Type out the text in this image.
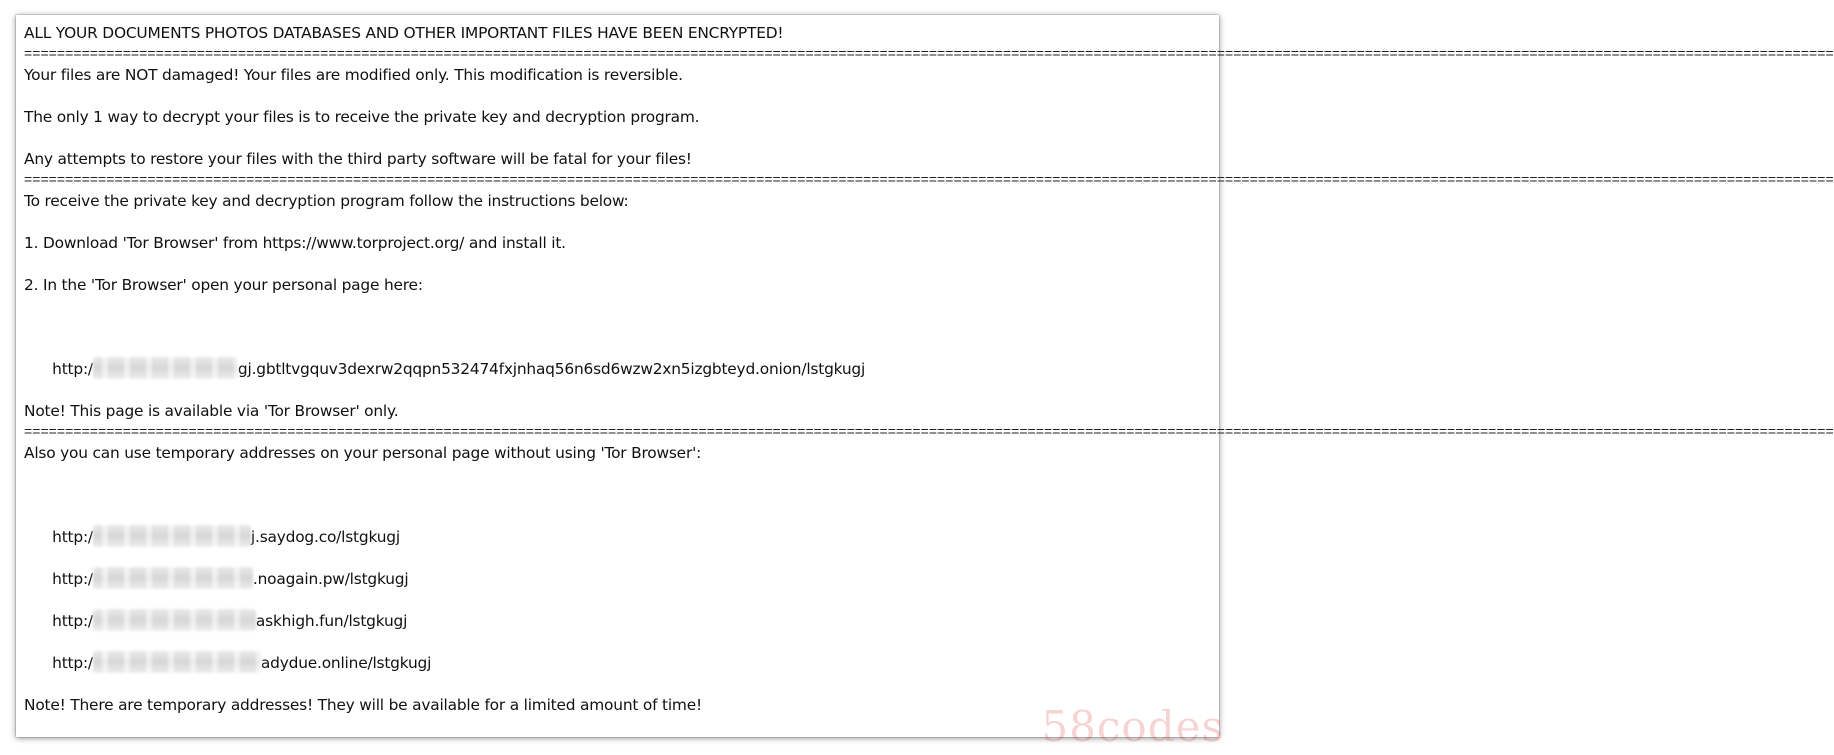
ALL YOUR DOCUMENTS PHOTOS DATABASES AND OTHER IMPORTANT FILES HAVE BEEN ENCRYPTED!
============================================================================================================================================================================================================================
Your files are NOT damaged! Your files are modified only. This modification is reversible.
The only 1 way to decrypt your files is to receive the private key and decryption program.
Any attempts to restore your files with the third party software will be fatal for your files!
============================================================================================================================================================================================================================
To receive the private key and decryption program follow the instructions below:
1. Download 'Tor Browser' from https://www.torproject.org/ and install it.
2. In the 'Tor Browser' open your personal page here:

http:/	gj.gbtltvgquv3dexrw2qqpn532474fxjnhaq56n6sd6wzw2xn5izgbteyd.onion/lstgkugj

Note! This page is available via 'Tor Browser' only.
============================================================================================================================================================================================================================
Also you can use temporary addresses on your personal page without using 'Tor Browser':

http:/	j.saydog.co/lstgkugj

http:/	.noagain.pw/lstgkugj

http:/	askhigh.fun/lstgkugj

http:/	adydue.online/lstgkugj

Note! There are temporary addresses! They will be available for a limited amount of time!	58codes
